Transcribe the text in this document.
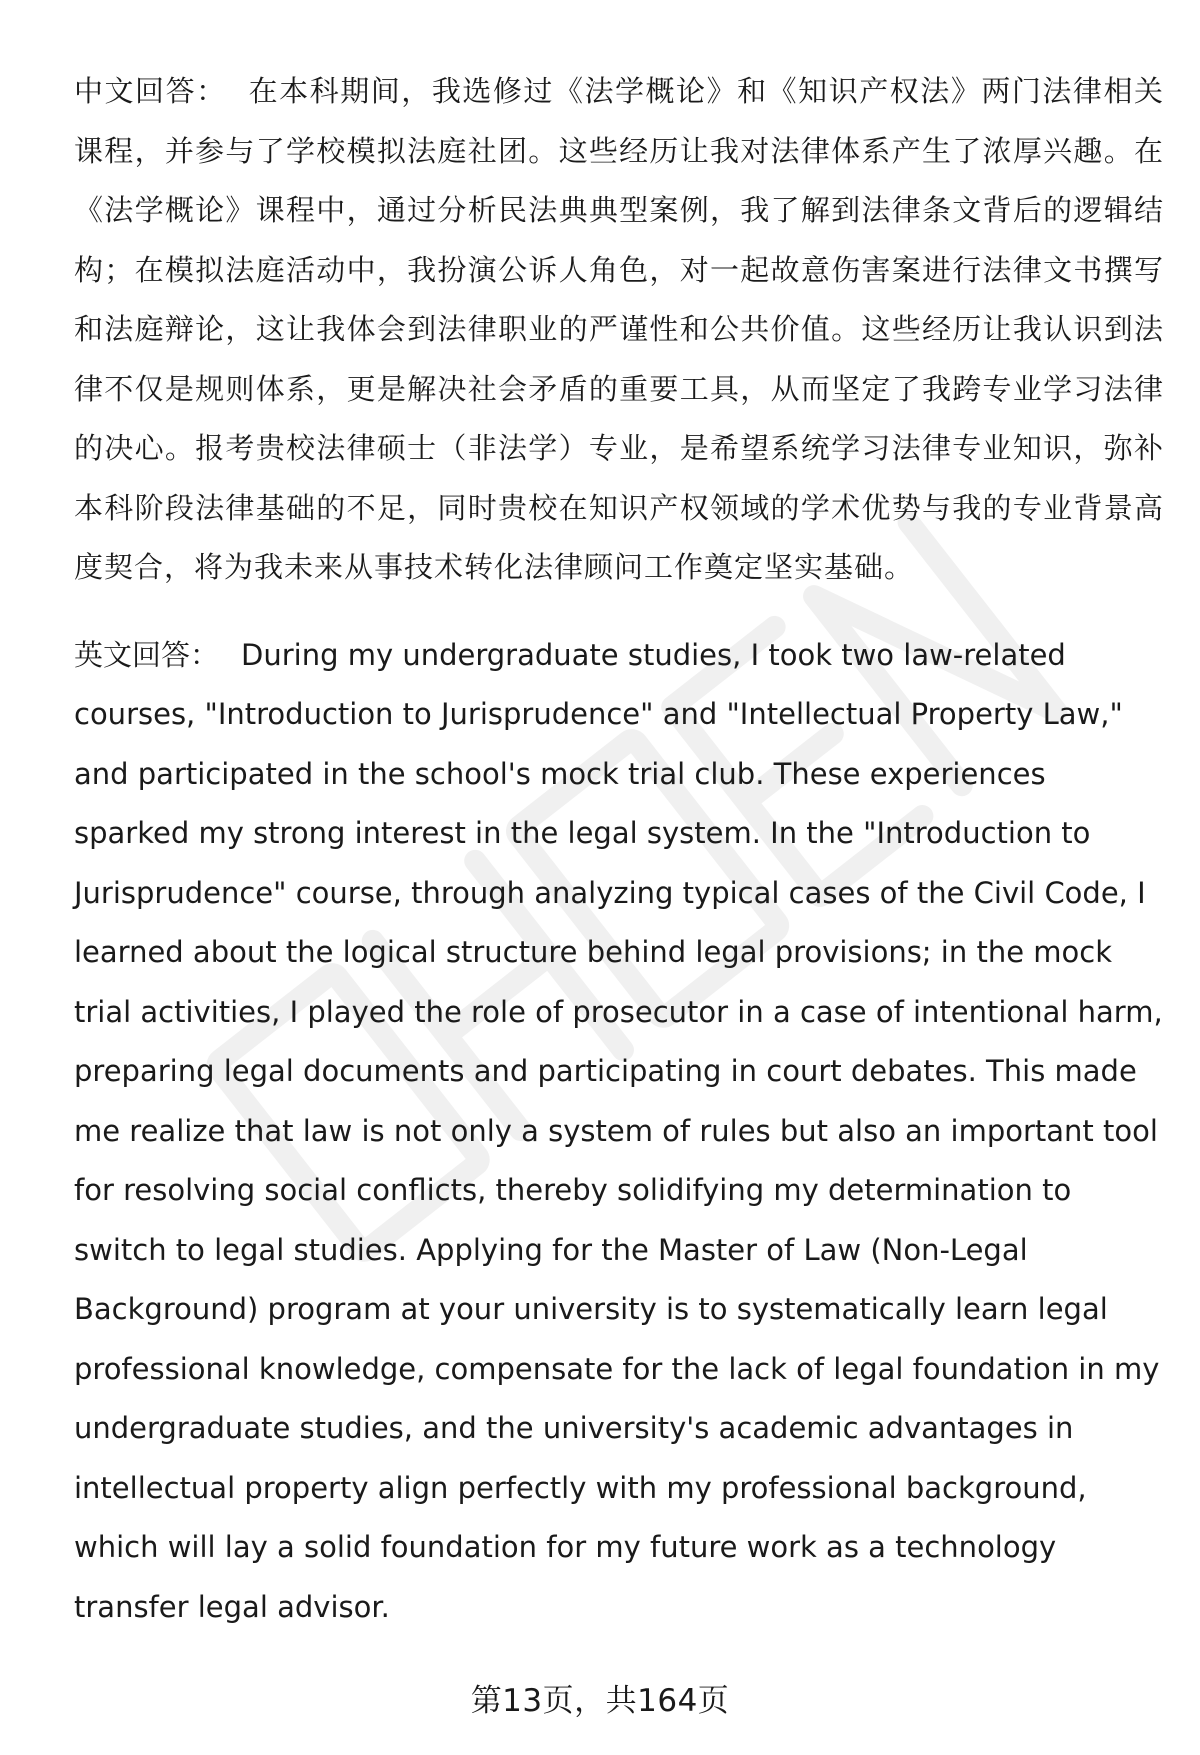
中文回答： 在本科期间，我选修过《法学概论》和《知识产权法》两门法律相关课程，并参与了学校模拟法庭社团。这些经历让我对法律体系产生了浓厚兴趣。在《法学概论》课程中，通过分析民法典典型案例，我了解到法律条文背后的逻辑结构；在模拟法庭活动中，我扮演公诉人角色，对一起故意伤害案进行法律文书撰写和法庭辩论，这让我体会到法律职业的严谨性和公共价值。这些经历让我认识到法律不仅是规则体系，更是解决社会矛盾的重要工具，从而坚定了我跨专业学习法律的决心。报考贵校法律硕士（非法学）专业，是希望系统学习法律专业知识，弥补本科阶段法律基础的不足，同时贵校在知识产权领域的学术优势与我的专业背景高度契合，将为我未来从事技术转化法律顾问工作奠定坚实基础。

英文回答： During my undergraduate studies, I took two law-related courses, "Introduction to Jurisprudence" and "Intellectual Property Law," and participated in the school's mock trial club. These experiences sparked my strong interest in the legal system. In the "Introduction to Jurisprudence" course, through analyzing typical cases of the Civil Code, I learned about the logical structure behind legal provisions; in the mock trial activities, I played the role of prosecutor in a case of intentional harm, preparing legal documents and participating in court debates. This made me realize that law is not only a system of rules but also an important tool for resolving social conflicts, thereby solidifying my determination to switch to legal studies. Applying for the Master of Law (Non-Legal Background) program at your university is to systematically learn legal professional knowledge, compensate for the lack of legal foundation in my undergraduate studies, and the university's academic advantages in intellectual property align perfectly with my professional background, which will lay a solid foundation for my future work as a technology transfer legal advisor.

第13页，共164页
